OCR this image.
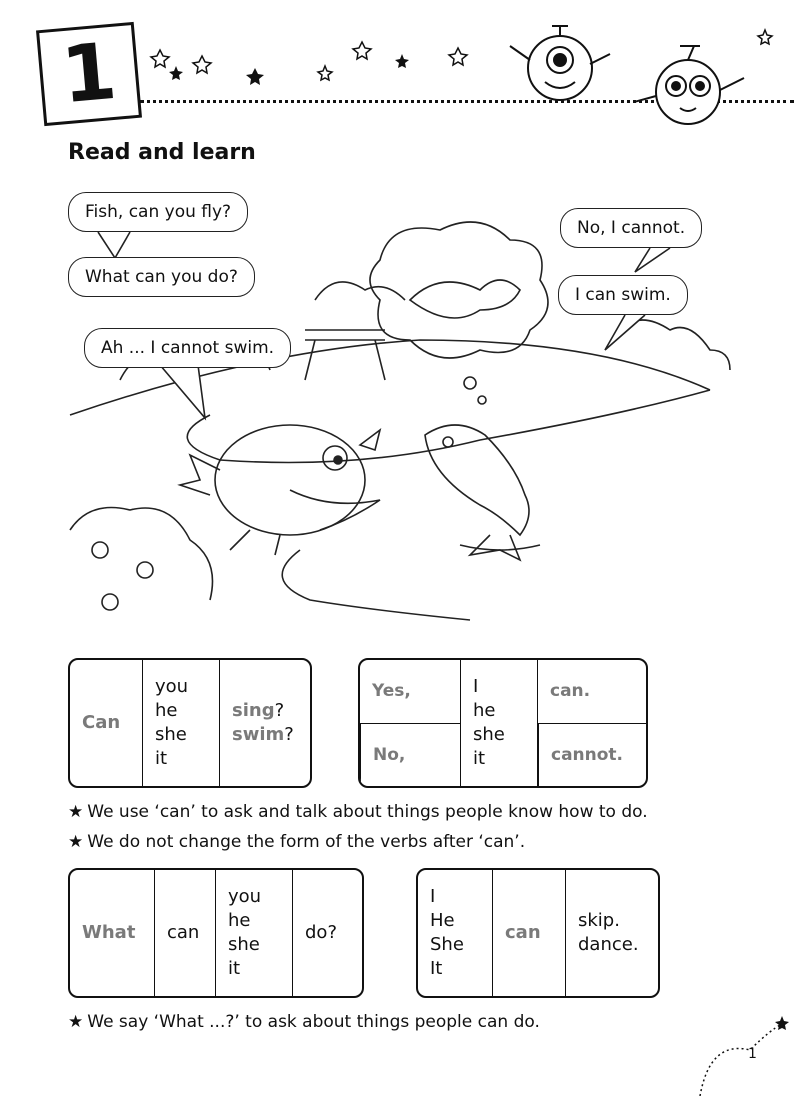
1
Read and learn
Fish, can you fly?
What can you do?
Ah ... I cannot swim.
No, I cannot.
I can swim.
Can
you
he
she
it
sing?
swim?
Yes,
No,
I
he
she
it
can.
cannot.
★ We use ‘can’ to ask and talk about things people know how to do.
★ We do not change the form of the verbs after ‘can’.
What	can
you
he
she
it
do?
I
He
She
It
can
skip.
dance.
★ We say ‘What ...?’ to ask about things people can do.
1
